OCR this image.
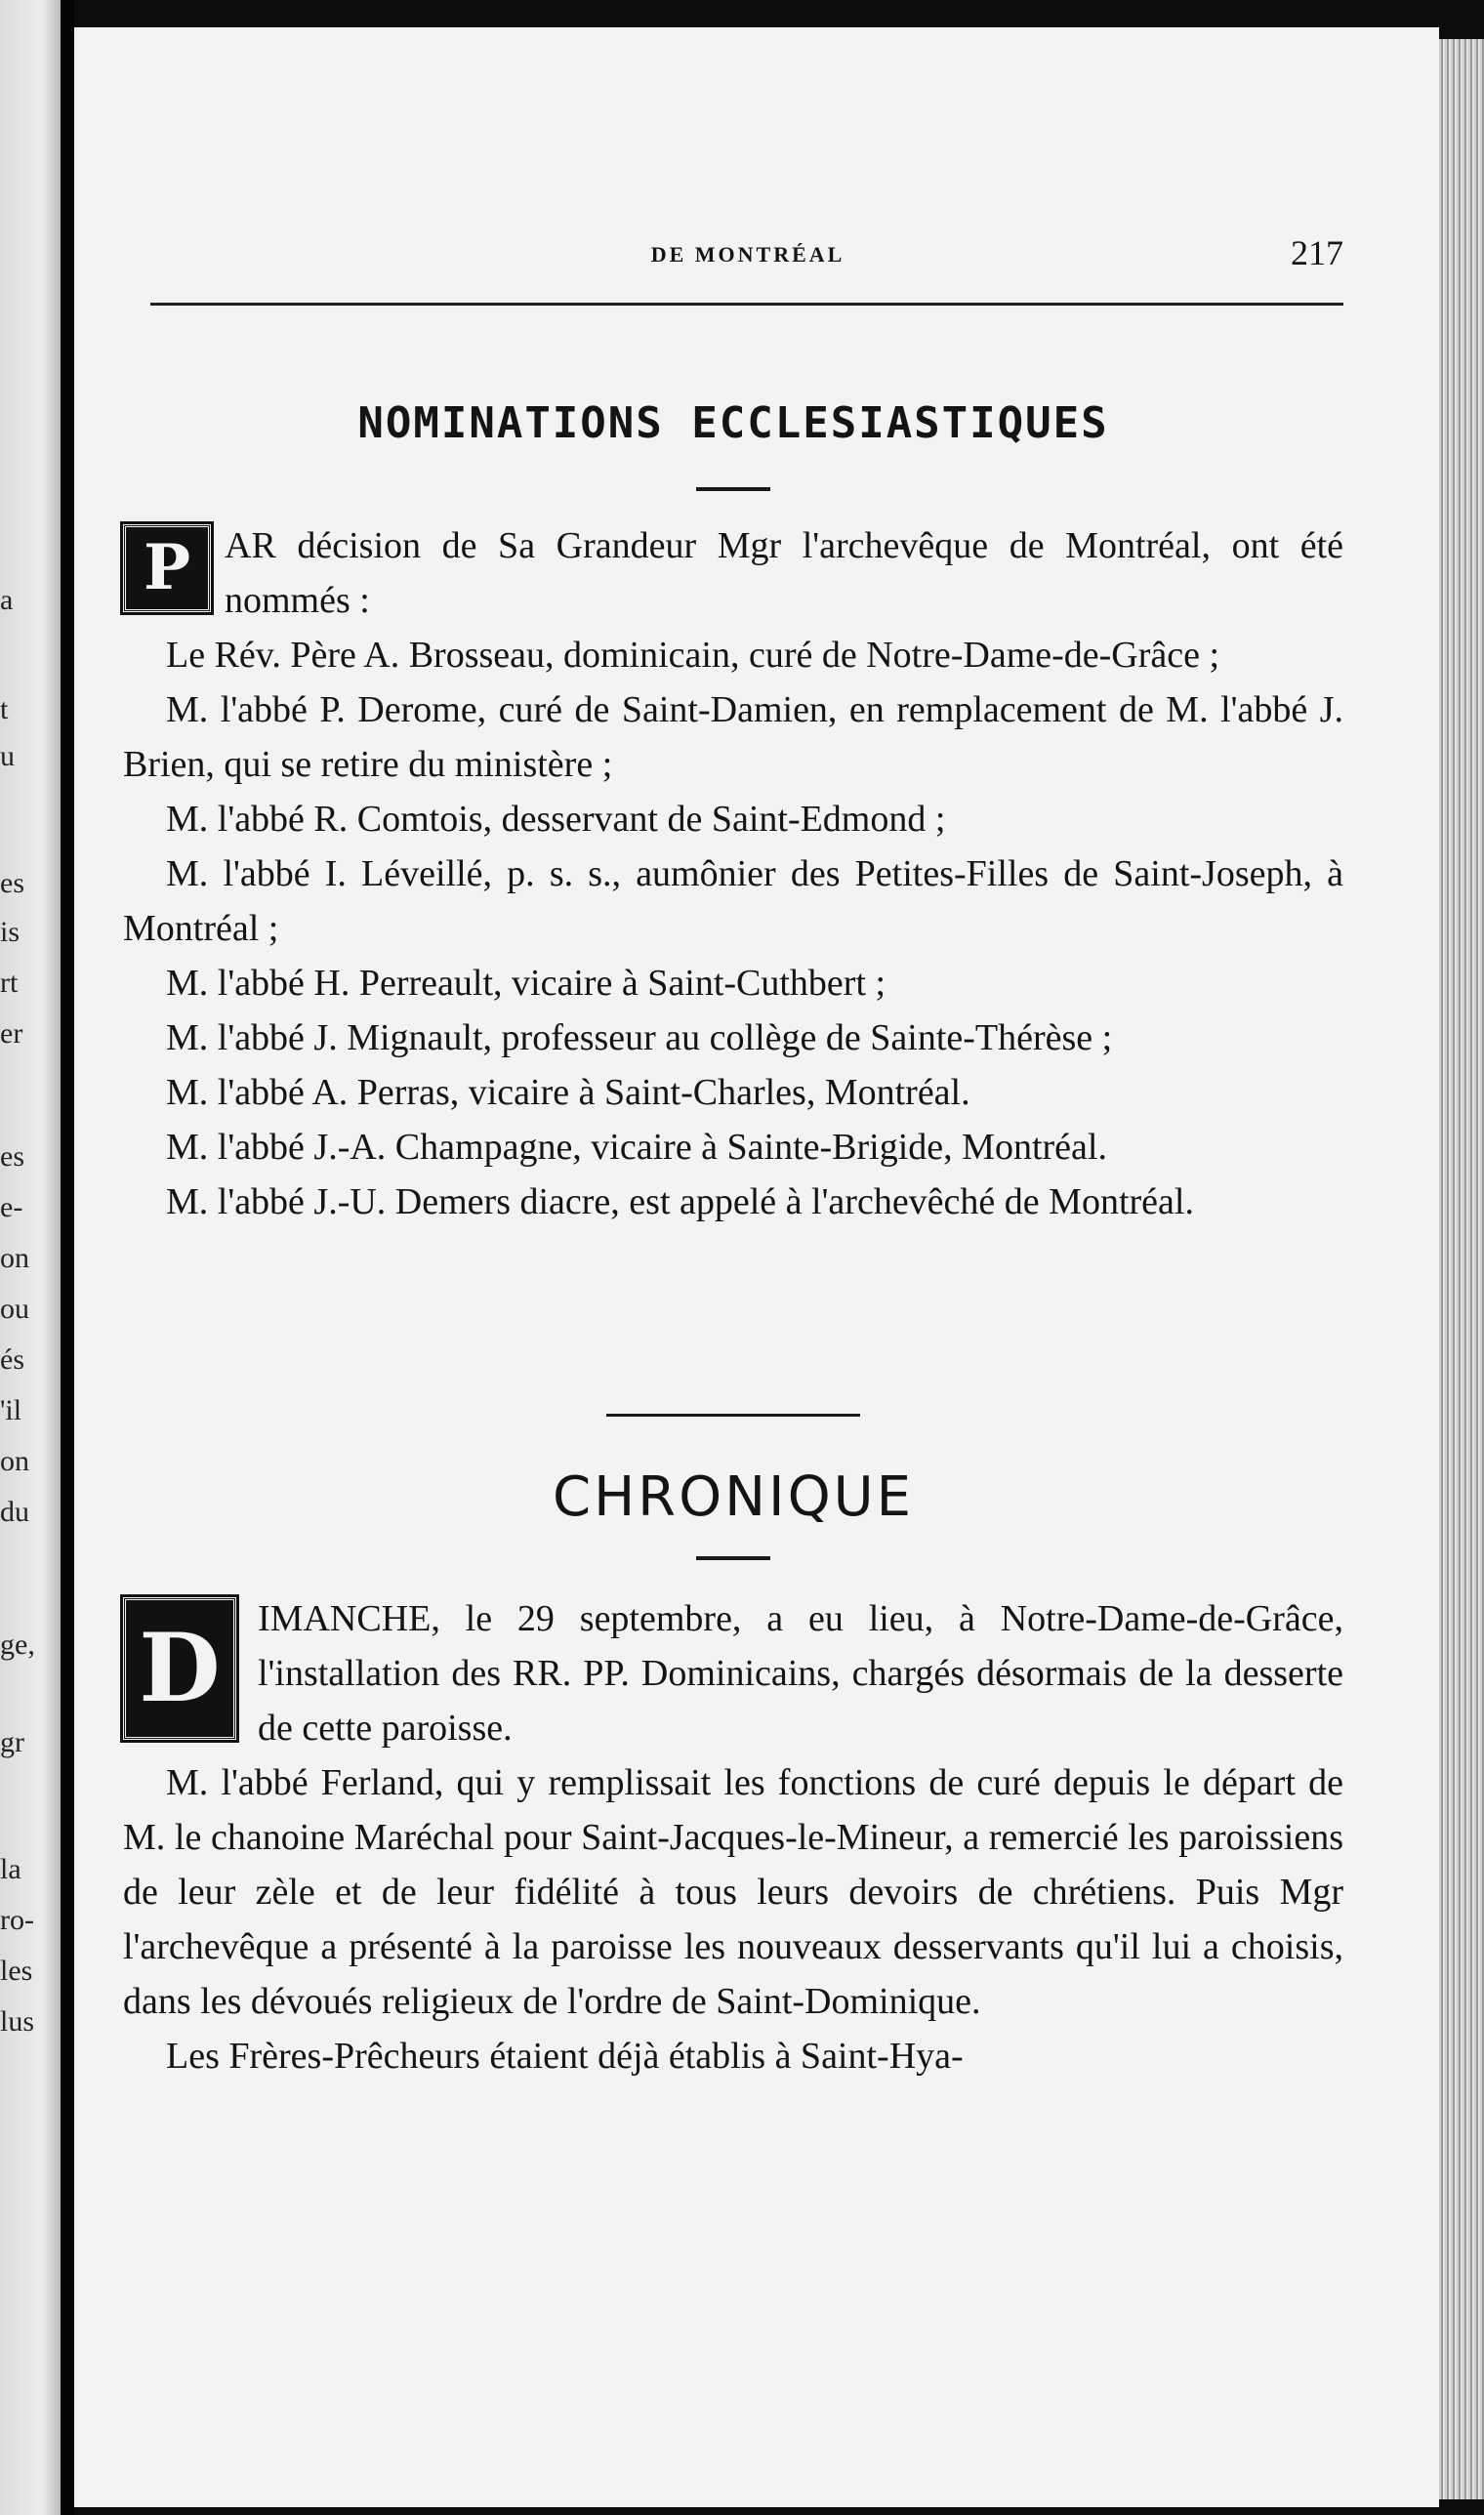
a
t
u
es
is
rt
er
es
e-
on
ou
és
'il
on
du
ge,
gr
la
ro-
les
lus
DE MONTRÉAL	217
NOMINATIONS ECCLESIASTIQUES

P AR décision de Sa Grandeur Mgr l'archevêque de Montréal, ont été nommés :

Le Rév. Père A. Brosseau, dominicain, curé de Notre-Dame-de-Grâce ;

M. l'abbé P. Derome, curé de Saint-Damien, en remplacement de M. l'abbé J. Brien, qui se retire du ministère ;

M. l'abbé R. Comtois, desservant de Saint-Edmond ;

M. l'abbé I. Léveillé, p. s. s., aumônier des Petites-Filles de Saint-Joseph, à Montréal ;

M. l'abbé H. Perreault, vicaire à Saint-Cuthbert ;

M. l'abbé J. Mignault, professeur au collège de Sainte-Thérèse ;

M. l'abbé A. Perras, vicaire à Saint-Charles, Montréal.

M. l'abbé J.-A. Champagne, vicaire à Sainte-Brigide, Montréal.

M. l'abbé J.-U. Demers diacre, est appelé à l'archevêché de Montréal.

CHRONIQUE

D	IMANCHE, le 29 septembre, a eu lieu, à Notre-Dame-de-Grâce, l'installation des RR. PP. Dominicains, chargés désormais de la desserte de cette paroisse.

M. l'abbé Ferland, qui y remplissait les fonctions de curé depuis le départ de M. le chanoine Maréchal pour Saint-Jacques-le-Mineur, a remercié les paroissiens de leur zèle et de leur fidélité à tous leurs devoirs de chrétiens. Puis Mgr l'archevêque a présenté à la paroisse les nouveaux desservants qu'il lui a choisis, dans les dévoués religieux de l'ordre de Saint-Dominique.

Les Frères-Prêcheurs étaient déjà établis à Saint-Hya-
